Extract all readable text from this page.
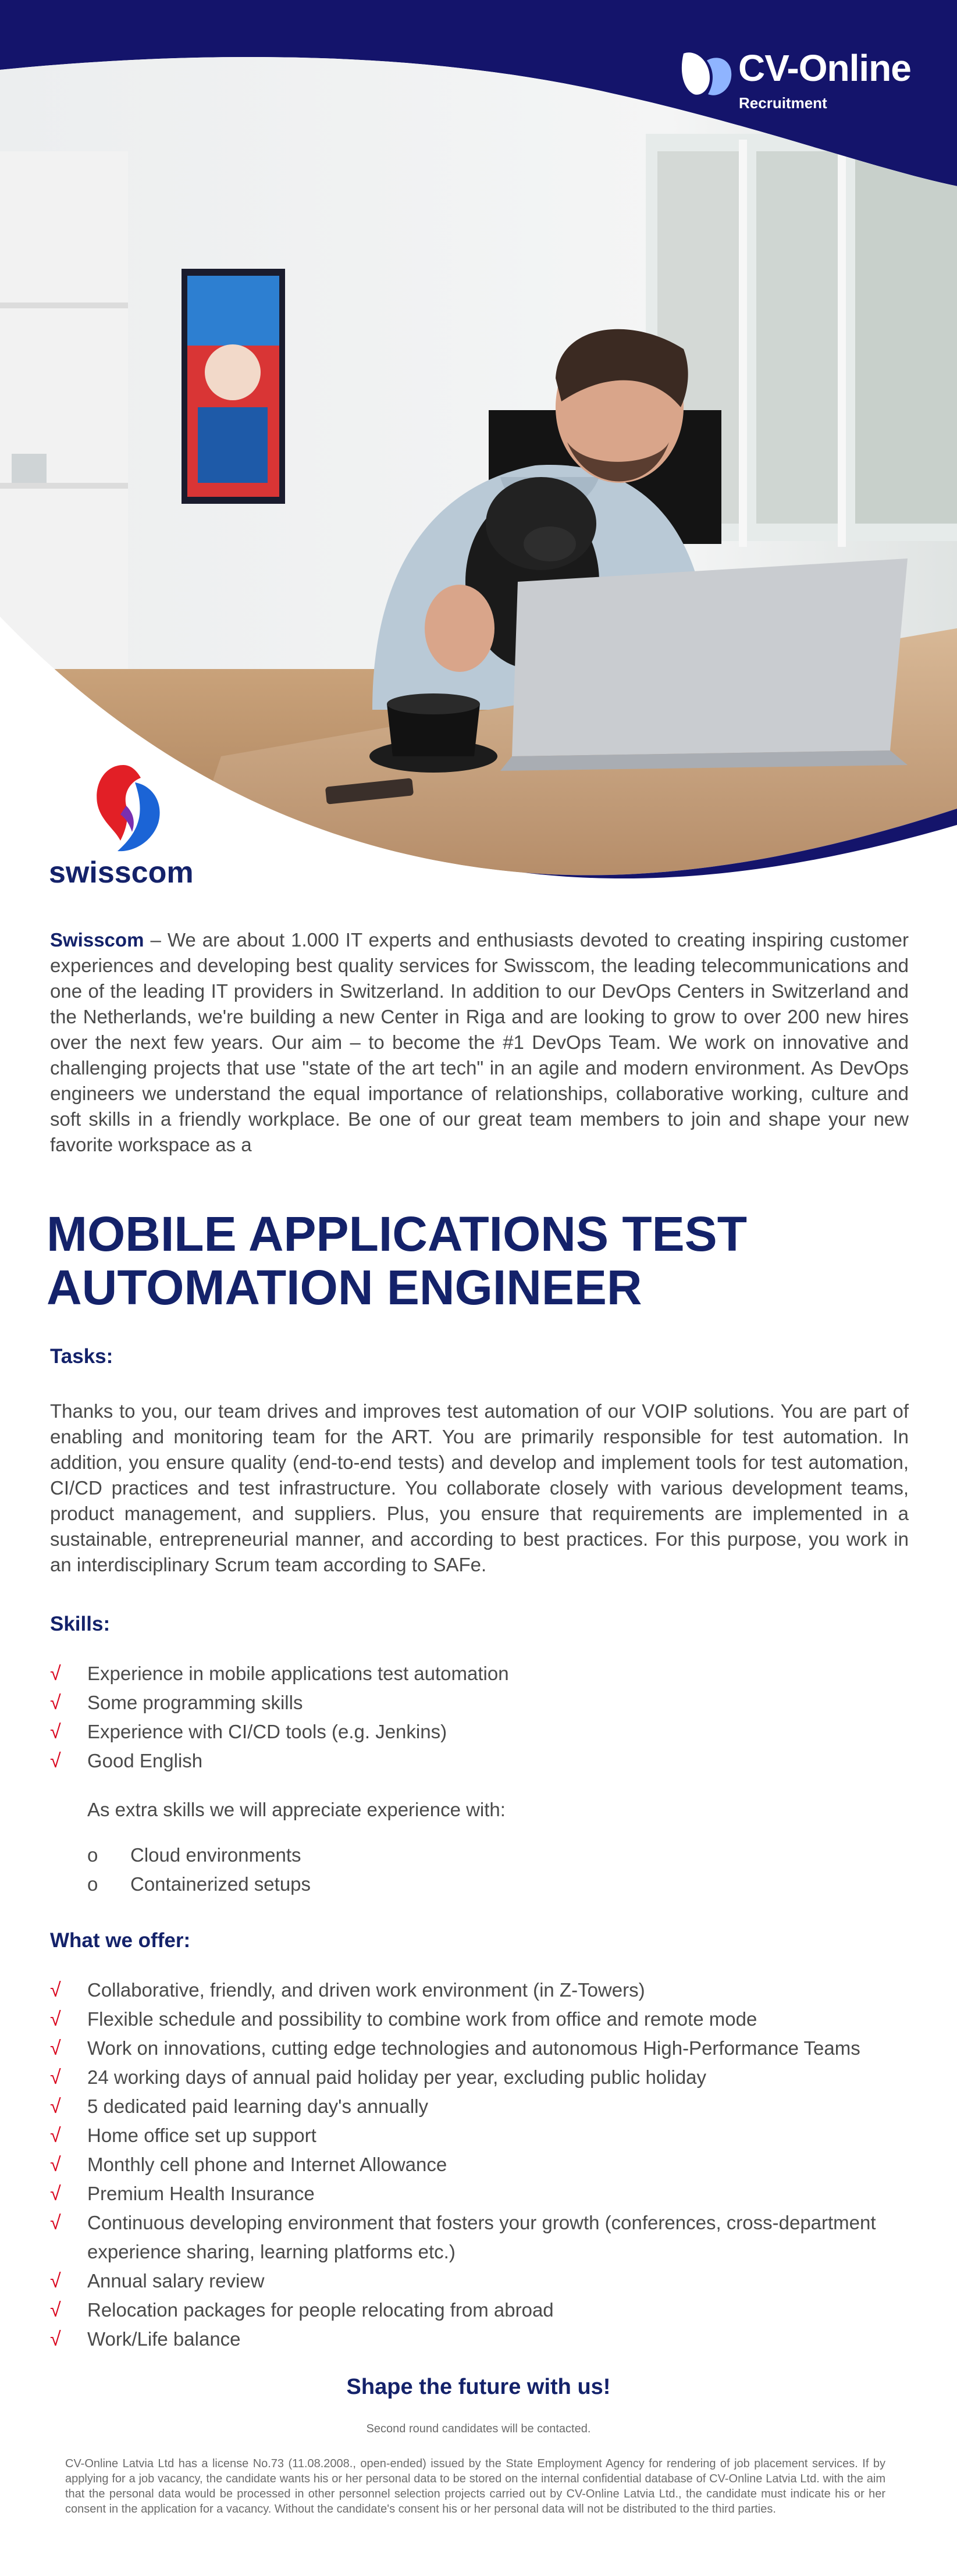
CV-Online
Recruitment
swisscom

Swisscom – We are about 1.000 IT experts and enthusiasts devoted to creating inspiring customer experiences and developing best quality services for Swisscom, the leading telecommunications and one of the leading IT providers in Switzerland. In addition to our DevOps Centers in Switzerland and the Netherlands, we're building a new Center in Riga and are looking to grow to over 200 new hires over the next few years. Our aim – to become the #1 DevOps Team. We work on innovative and challenging projects that use "state of the art tech" in an agile and modern environment. As DevOps engineers we understand the equal importance of relationships, collaborative working, culture and soft skills in a friendly workplace. Be one of our great team members to join and shape your new favorite workspace as a

MOBILE APPLICATIONS TEST AUTOMATION ENGINEER
Tasks:

Thanks to you, our team drives and improves test automation of our VOIP solutions. You are part of enabling and monitoring team for the ART. You are primarily responsible for test automation. In addition, you ensure quality (end-to-end tests) and develop and implement tools for test automation, CI/CD practices and test infrastructure. You collaborate closely with various development teams, product management, and suppliers. Plus, you ensure that requirements are implemented in a sustainable, entrepreneurial manner, and according to best practices. For this purpose, you work in an interdisciplinary Scrum team according to SAFe.

Skills:
√ Experience in mobile applications test automation
√ Some programming skills
√ Experience with CI/CD tools (e.g. Jenkins)
√ Good English

As extra skills we will appreciate experience with:

o Cloud environments
o Containerized setups
What we offer:
√ Collaborative, friendly, and driven work environment (in Z-Towers)
√ Flexible schedule and possibility to combine work from office and remote mode
√ Work on innovations, cutting edge technologies and autonomous High-Performance Teams
√ 24 working days of annual paid holiday per year, excluding public holiday
√ 5 dedicated paid learning day's annually
√ Home office set up support
√ Monthly cell phone and Internet Allowance
√ Premium Health Insurance
√ Continuous developing environment that fosters your growth (conferences, cross-department experience sharing, learning platforms etc.)
√ Annual salary review
√ Relocation packages for people relocating from abroad
√ Work/Life balance

Shape the future with us!

Second round candidates will be contacted.

CV-Online Latvia Ltd has a license No.73 (11.08.2008., open-ended) issued by the State Employment Agency for rendering of job placement services. If by applying for a job vacancy, the candidate wants his or her personal data to be stored on the internal confidential database of CV-Online Latvia Ltd. with the aim that the personal data would be processed in other personnel selection projects carried out by CV-Online Latvia Ltd., the candidate must indicate his or her consent in the application for a vacancy. Without the candidate's consent his or her personal data will not be distributed to the third parties.
